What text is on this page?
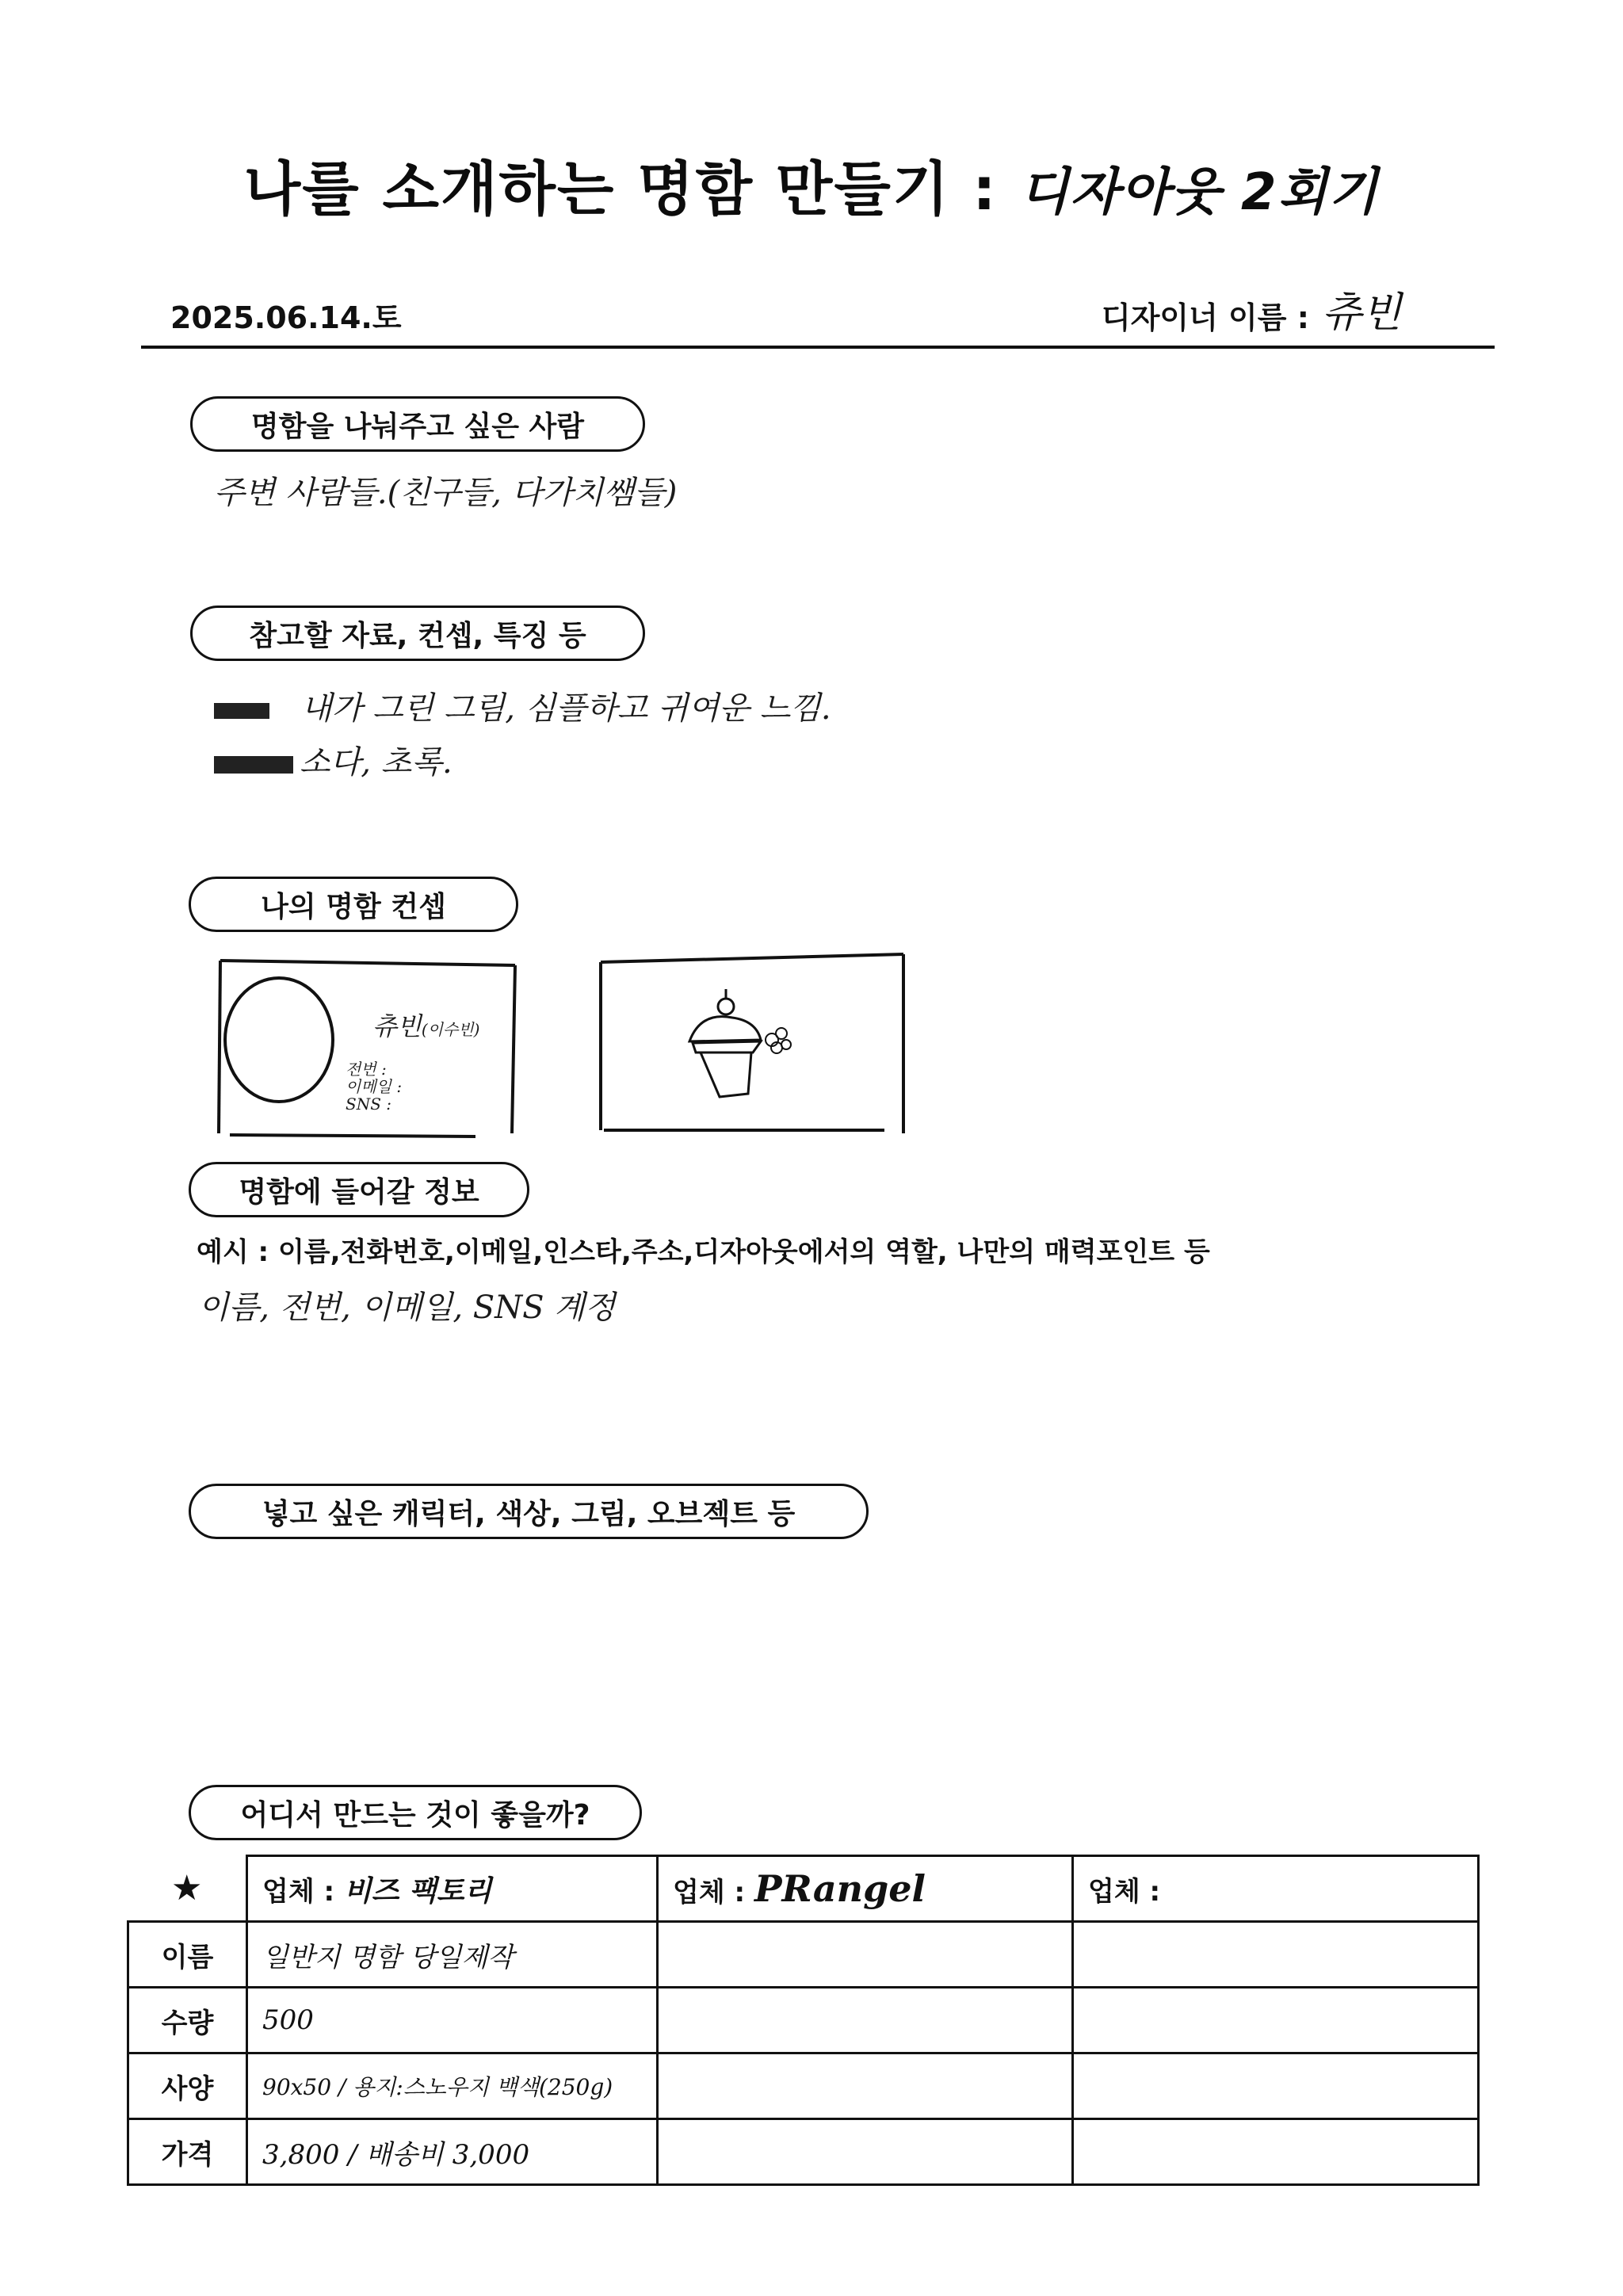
나를 소개하는 명함 만들기 : 디자아웃 2회기
2025.06.14.토	디자이너 이름 : 츄빈
명함을 나눠주고 싶은 사람
주변 사람들.(친구들, 다가치쌤들)
참고할 자료, 컨셉, 특징 등
내가 그린 그림, 심플하고 귀여운 느낌.
소다, 초록.
나의 명함 컨셉
츄빈(이수빈)
전번 :
이메일 :
SNS :
명함에 들어갈 정보
예시 : 이름,전화번호,이메일,인스타,주소,디자아웃에서의 역할, 나만의 매력포인트 등
이름, 전번, 이메일, SNS 계정
넣고 싶은 캐릭터, 색상, 그림, 오브젝트 등
어디서 만드는 것이 좋을까?
★	업체 : 비즈 팩토리	업체 : PRangel	업체 :
이름	일반지 명함 당일제작		
수량	500		
사양	90x50 / 용지:스노우지 백색(250g)		
가격	3,800 / 배송비 3,000		
